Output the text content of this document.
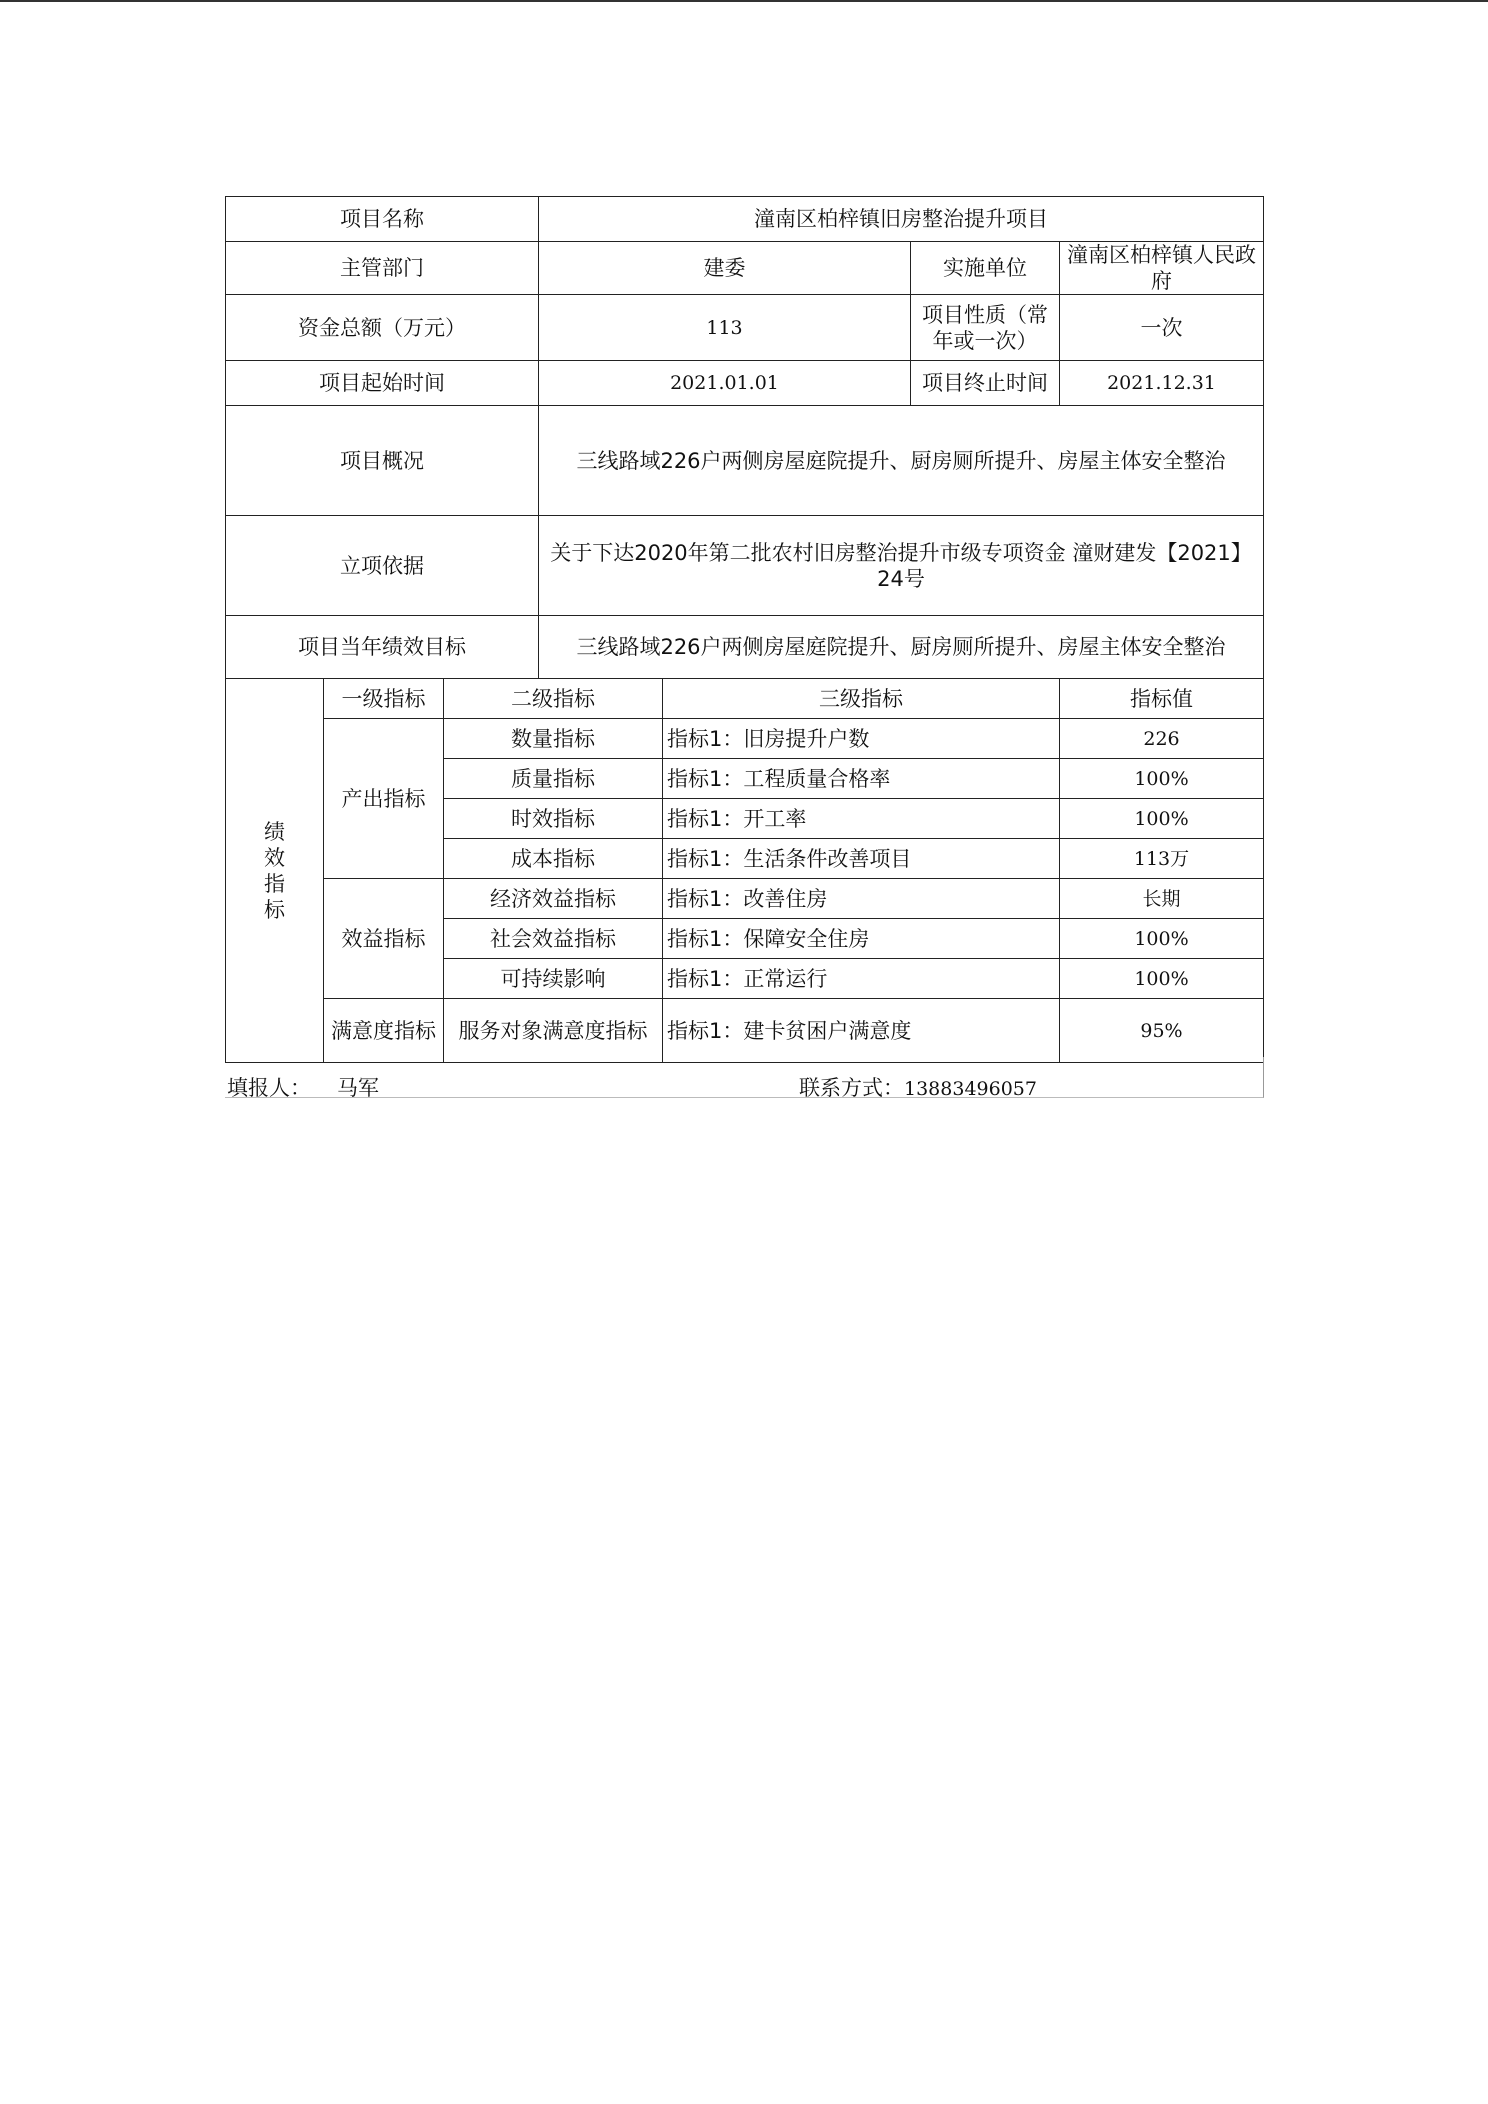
项目名称			潼南区柏梓镇旧房整治提升项目			
主管部门			建委		实施单位	潼南区柏梓镇人民政府
资金总额（万元）			113		项目性质（常年或一次）	一次
项目起始时间			2021.01.01		项目终止时间	2021.12.31
项目概况			三线路域226户两侧房屋庭院提升、厨房厕所提升、房屋主体安全整治			
立项依据			关于下达2020年第二批农村旧房整治提升市级专项资金 潼财建发【2021】24号			
项目当年绩效目标			三线路域226户两侧房屋庭院提升、厨房厕所提升、房屋主体安全整治			

绩效指标	一级指标	二级指标		三级指标		指标值
	产出指标	数量指标		指标1：旧房提升户数		226
		质量指标		指标1：工程质量合格率		100%
		时效指标		指标1：开工率		100%
		成本指标		指标1：生活条件改善项目		113万
	效益指标	经济效益指标		指标1：改善住房		长期
		社会效益指标		指标1：保障安全住房		100%
		可持续影响		指标1：正常运行		100%
	满意度指标	服务对象满意度指标		指标1：建卡贫困户满意度		95%
填报人： 马军	联系方式：13883496057
